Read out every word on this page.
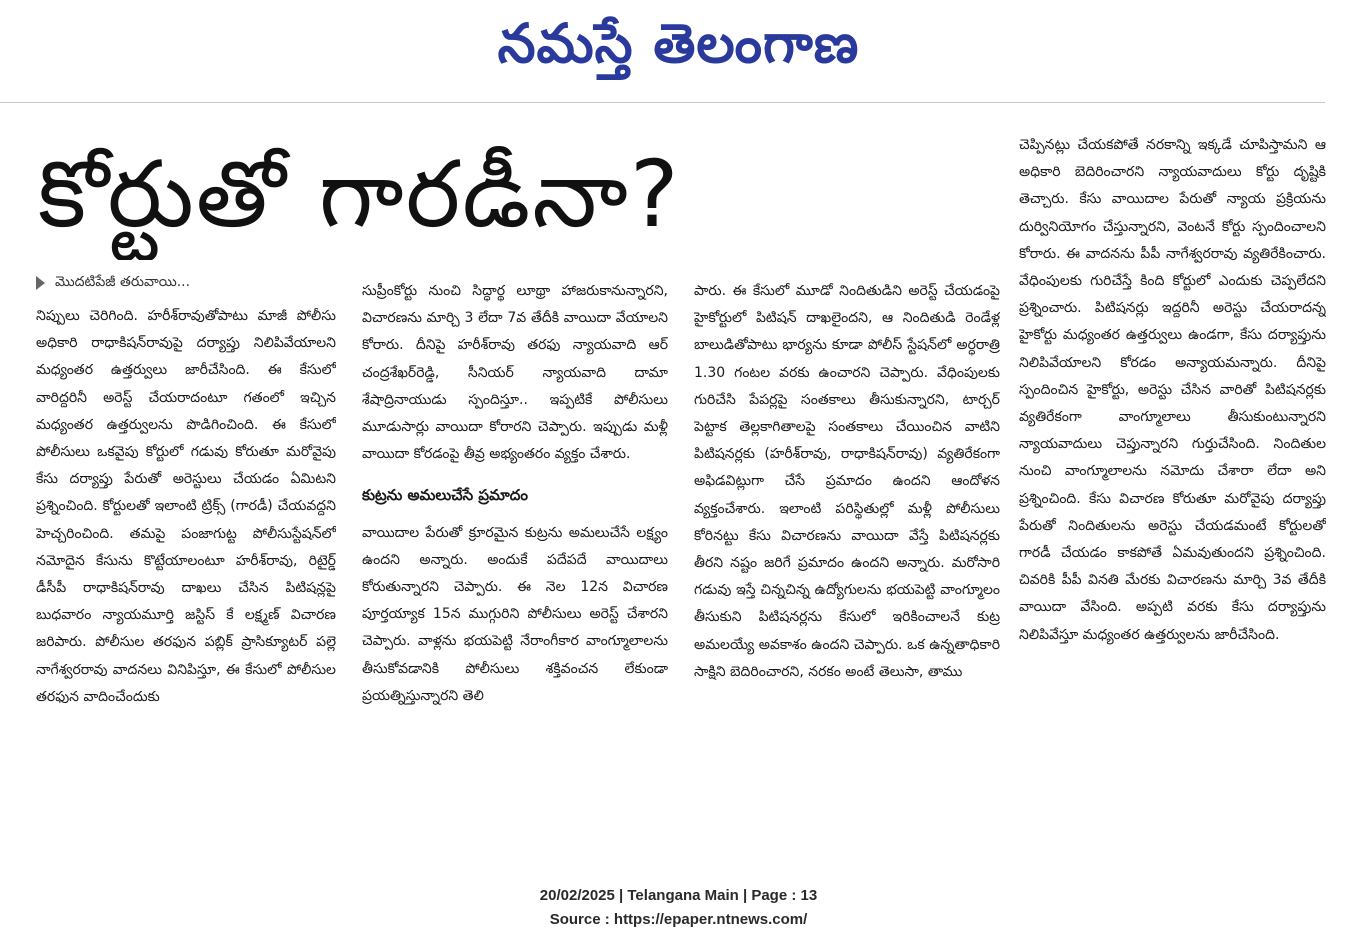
నమస్తే తెలంగాణ
కోర్టుతో గారడీనా?
మొదటిపేజీ తరువాయి...

నిప్పులు చెరిగింది. హరీశ్‌రావుతోపాటు మాజీ పోలీసు అధికారి రాధాకిషన్‌రావుపై దర్యాప్తు నిలిపివేయాలని మధ్యంతర ఉత్తర్వులు జారీచేసింది. ఈ కేసులో వారిద్దరినీ అరెస్ట్ చేయరాదంటూ గతంలో ఇచ్చిన మధ్యంతర ఉత్తర్వులను పొడిగించింది. ఈ కేసులో పోలీసులు ఒకవైపు కోర్టులో గడువు కోరుతూ మరోవైపు కేసు దర్యాప్తు పేరుతో అరెస్టులు చేయడం ఏమిటని ప్రశ్నించింది. కోర్టులతో ఇలాంటి ట్రిక్స్ (గారడీ) చేయవద్దని హెచ్చరించింది. తమపై పంజాగుట్ట పోలీసుస్టేషన్‌లో నమోదైన కేసును కొట్టేయాలంటూ హరీశ్‌రావు, రిటైర్డ్ డీసీపీ రాధాకిషన్‌రావు దాఖలు చేసిన పిటిషన్లపై బుధవారం న్యాయమూర్తి జస్టిస్ కే లక్ష్మణ్ విచారణ జరిపారు. పోలీసుల తరఫున పబ్లిక్ ప్రాసిక్యూటర్ పల్లె నాగేశ్వరరావు వాదనలు వినిపిస్తూ, ఈ కేసులో పోలీసుల తరఫున వాదించేందుకు

సుప్రీంకోర్టు నుంచి సిద్ధార్థ లూథ్రా హాజరుకానున్నారని, విచారణను మార్చి 3 లేదా 7వ తేదీకి వాయిదా వేయాలని కోరారు. దీనిపై హరీశ్‌రావు తరఫు న్యాయవాది ఆర్ చంద్రశేఖర్‌రెడ్డి, సీనియర్ న్యాయవాది దామా శేషాద్రినాయుడు స్పందిస్తూ.. ఇప్పటికే పోలీసులు మూడుసార్లు వాయిదా కోరారని చెప్పారు. ఇప్పుడు మళ్లీ వాయిదా కోరడంపై తీవ్ర అభ్యంతరం వ్యక్తం చేశారు.

కుట్రను అమలుచేసే ప్రమాదం

వాయిదాల పేరుతో క్రూరమైన కుట్రను అమలుచేసే లక్ష్యం ఉందని అన్నారు. అందుకే పదేపదే వాయిదాలు కోరుతున్నారని చెప్పారు. ఈ నెల 12న విచారణ పూర్తయ్యాక 15న ముగ్గురిని పోలీసులు అరెస్ట్ చేశారని చెప్పారు. వాళ్లను భయపెట్టి నేరాంగీకార వాంగ్మూలాలను తీసుకోవడానికి పోలీసులు శక్తివంచన లేకుండా ప్రయత్నిస్తున్నారని తెలి

పారు. ఈ కేసులో మూడో నిందితుడిని అరెస్ట్ చేయడంపై హైకోర్టులో పిటిషన్ దాఖలైందని, ఆ నిందితుడి రెండేళ్ల బాలుడితోపాటు భార్యను కూడా పోలీస్ స్టేషన్‌లో అర్ధరాత్రి 1.30 గంటల వరకు ఉంచారని చెప్పారు. వేధింపులకు గురిచేసి పేపర్లపై సంతకాలు తీసుకున్నారని, టార్చర్ పెట్టాక తెల్లకాగితాలపై సంతకాలు చేయించిన వాటిని పిటిషనర్లకు (హరీశ్‌రావు, రాధాకిషన్‌రావు) వ్యతిరేకంగా అఫిడవిట్లుగా చేసే ప్రమాదం ఉందని ఆందోళన వ్యక్తంచేశారు. ఇలాంటి పరిస్థితుల్లో మళ్లీ పోలీసులు కోరినట్టు కేసు విచారణను వాయిదా వేస్తే పిటిషనర్లకు తీరని నష్టం జరిగే ప్రమాదం ఉందని అన్నారు. మరోసారి గడువు ఇస్తే చిన్నచిన్న ఉద్యోగులను భయపెట్టి వాంగ్మూలం తీసుకుని పిటిషనర్లను కేసులో ఇరికించాలనే కుట్ర అమలయ్యే అవకాశం ఉందని చెప్పారు. ఒక ఉన్నతాధికారి సాక్షిని బెదిరించారని, నరకం అంటే తెలుసా, తాము

చెప్పినట్లు చేయకపోతే నరకాన్ని ఇక్కడే చూపిస్తామని ఆ అధికారి బెదిరించారని న్యాయవాదులు కోర్టు దృష్టికి తెచ్చారు. కేసు వాయిదాల పేరుతో న్యాయ ప్రక్రియను దుర్వినియోగం చేస్తున్నారని, వెంటనే కోర్టు స్పందించాలని కోరారు. ఈ వాదనను పీపీ నాగేశ్వరరావు వ్యతిరేకించారు. వేధింపులకు గురిచేస్తే కింది కోర్టులో ఎందుకు చెప్పలేదని ప్రశ్నించారు. పిటిషనర్లు ఇద్దరినీ అరెస్టు చేయరాదన్న హైకోర్టు మధ్యంతర ఉత్తర్వులు ఉండగా, కేసు దర్యాప్తును నిలిపివేయాలని కోరడం అన్యాయమన్నారు. దీనిపై స్పందించిన హైకోర్టు, అరెస్టు చేసిన వారితో పిటిషనర్లకు వ్యతిరేకంగా వాంగ్మూలాలు తీసుకుంటున్నారని న్యాయవాదులు చెప్తున్నారని గుర్తుచేసింది. నిందితుల నుంచి వాంగ్మూలాలను నమోదు చేశారా లేదా అని ప్రశ్నించింది. కేసు విచారణ కోరుతూ మరోవైపు దర్యాప్తు పేరుతో నిందితులను అరెస్టు చేయడమంటే కోర్టులతో గారడీ చేయడం కాకపోతే ఏమవుతుందని ప్రశ్నించింది. చివరికి పీపీ వినతి మేరకు విచారణను మార్చి 3వ తేదీకి వాయిదా వేసింది. అప్పటి వరకు కేసు దర్యాప్తును నిలిపివేస్తూ మధ్యంతర ఉత్తర్వులను జారీచేసింది.

20/02/2025 | Telangana Main | Page : 13
Source : https://epaper.ntnews.com/
